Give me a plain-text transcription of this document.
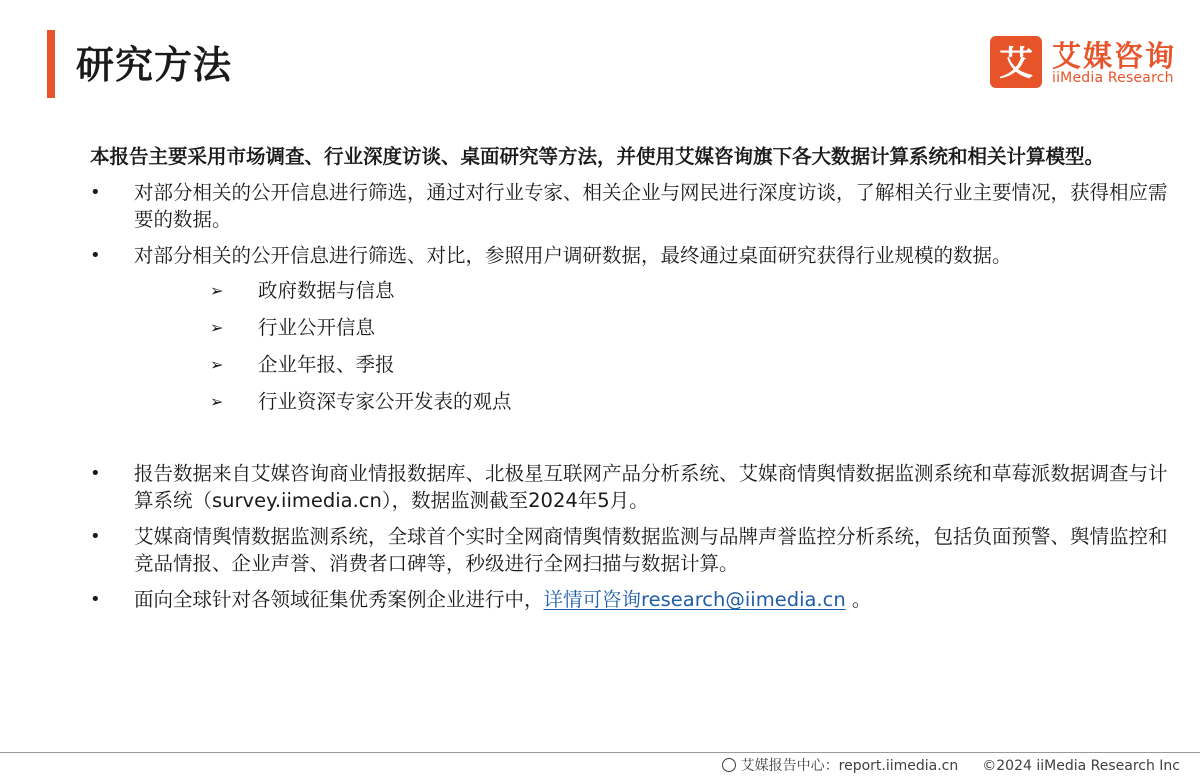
研究方法	艾 艾媒咨询
iiMedia Research
本报告主要采用市场调查、行业深度访谈、桌面研究等方法，并使用艾媒咨询旗下各大数据计算系统和相关计算模型。
• 对部分相关的公开信息进行筛选，通过对行业专家、相关企业与网民进行深度访谈，了解相关行业主要情况，获得相应需要的数据。
• 对部分相关的公开信息进行筛选、对比，参照用户调研数据，最终通过桌面研究获得行业规模的数据。
➢ 政府数据与信息
➢ 行业公开信息
➢ 企业年报、季报
➢ 行业资深专家公开发表的观点
• 报告数据来自艾媒咨询商业情报数据库、北极星互联网产品分析系统、艾媒商情舆情数据监测系统和草莓派数据调查与计算系统（survey.iimedia.cn），数据监测截至2024年5月。
• 艾媒商情舆情数据监测系统，全球首个实时全网商情舆情数据监测与品牌声誉监控分析系统，包括负面预警、舆情监控和竞品情报、企业声誉、消费者口碑等，秒级进行全网扫描与数据计算。
• 面向全球针对各领域征集优秀案例企业进行中，详情可咨询research@iimedia.cn 。
艾媒报告中心：report.iimedia.cn ©2024 iiMedia Research Inc
